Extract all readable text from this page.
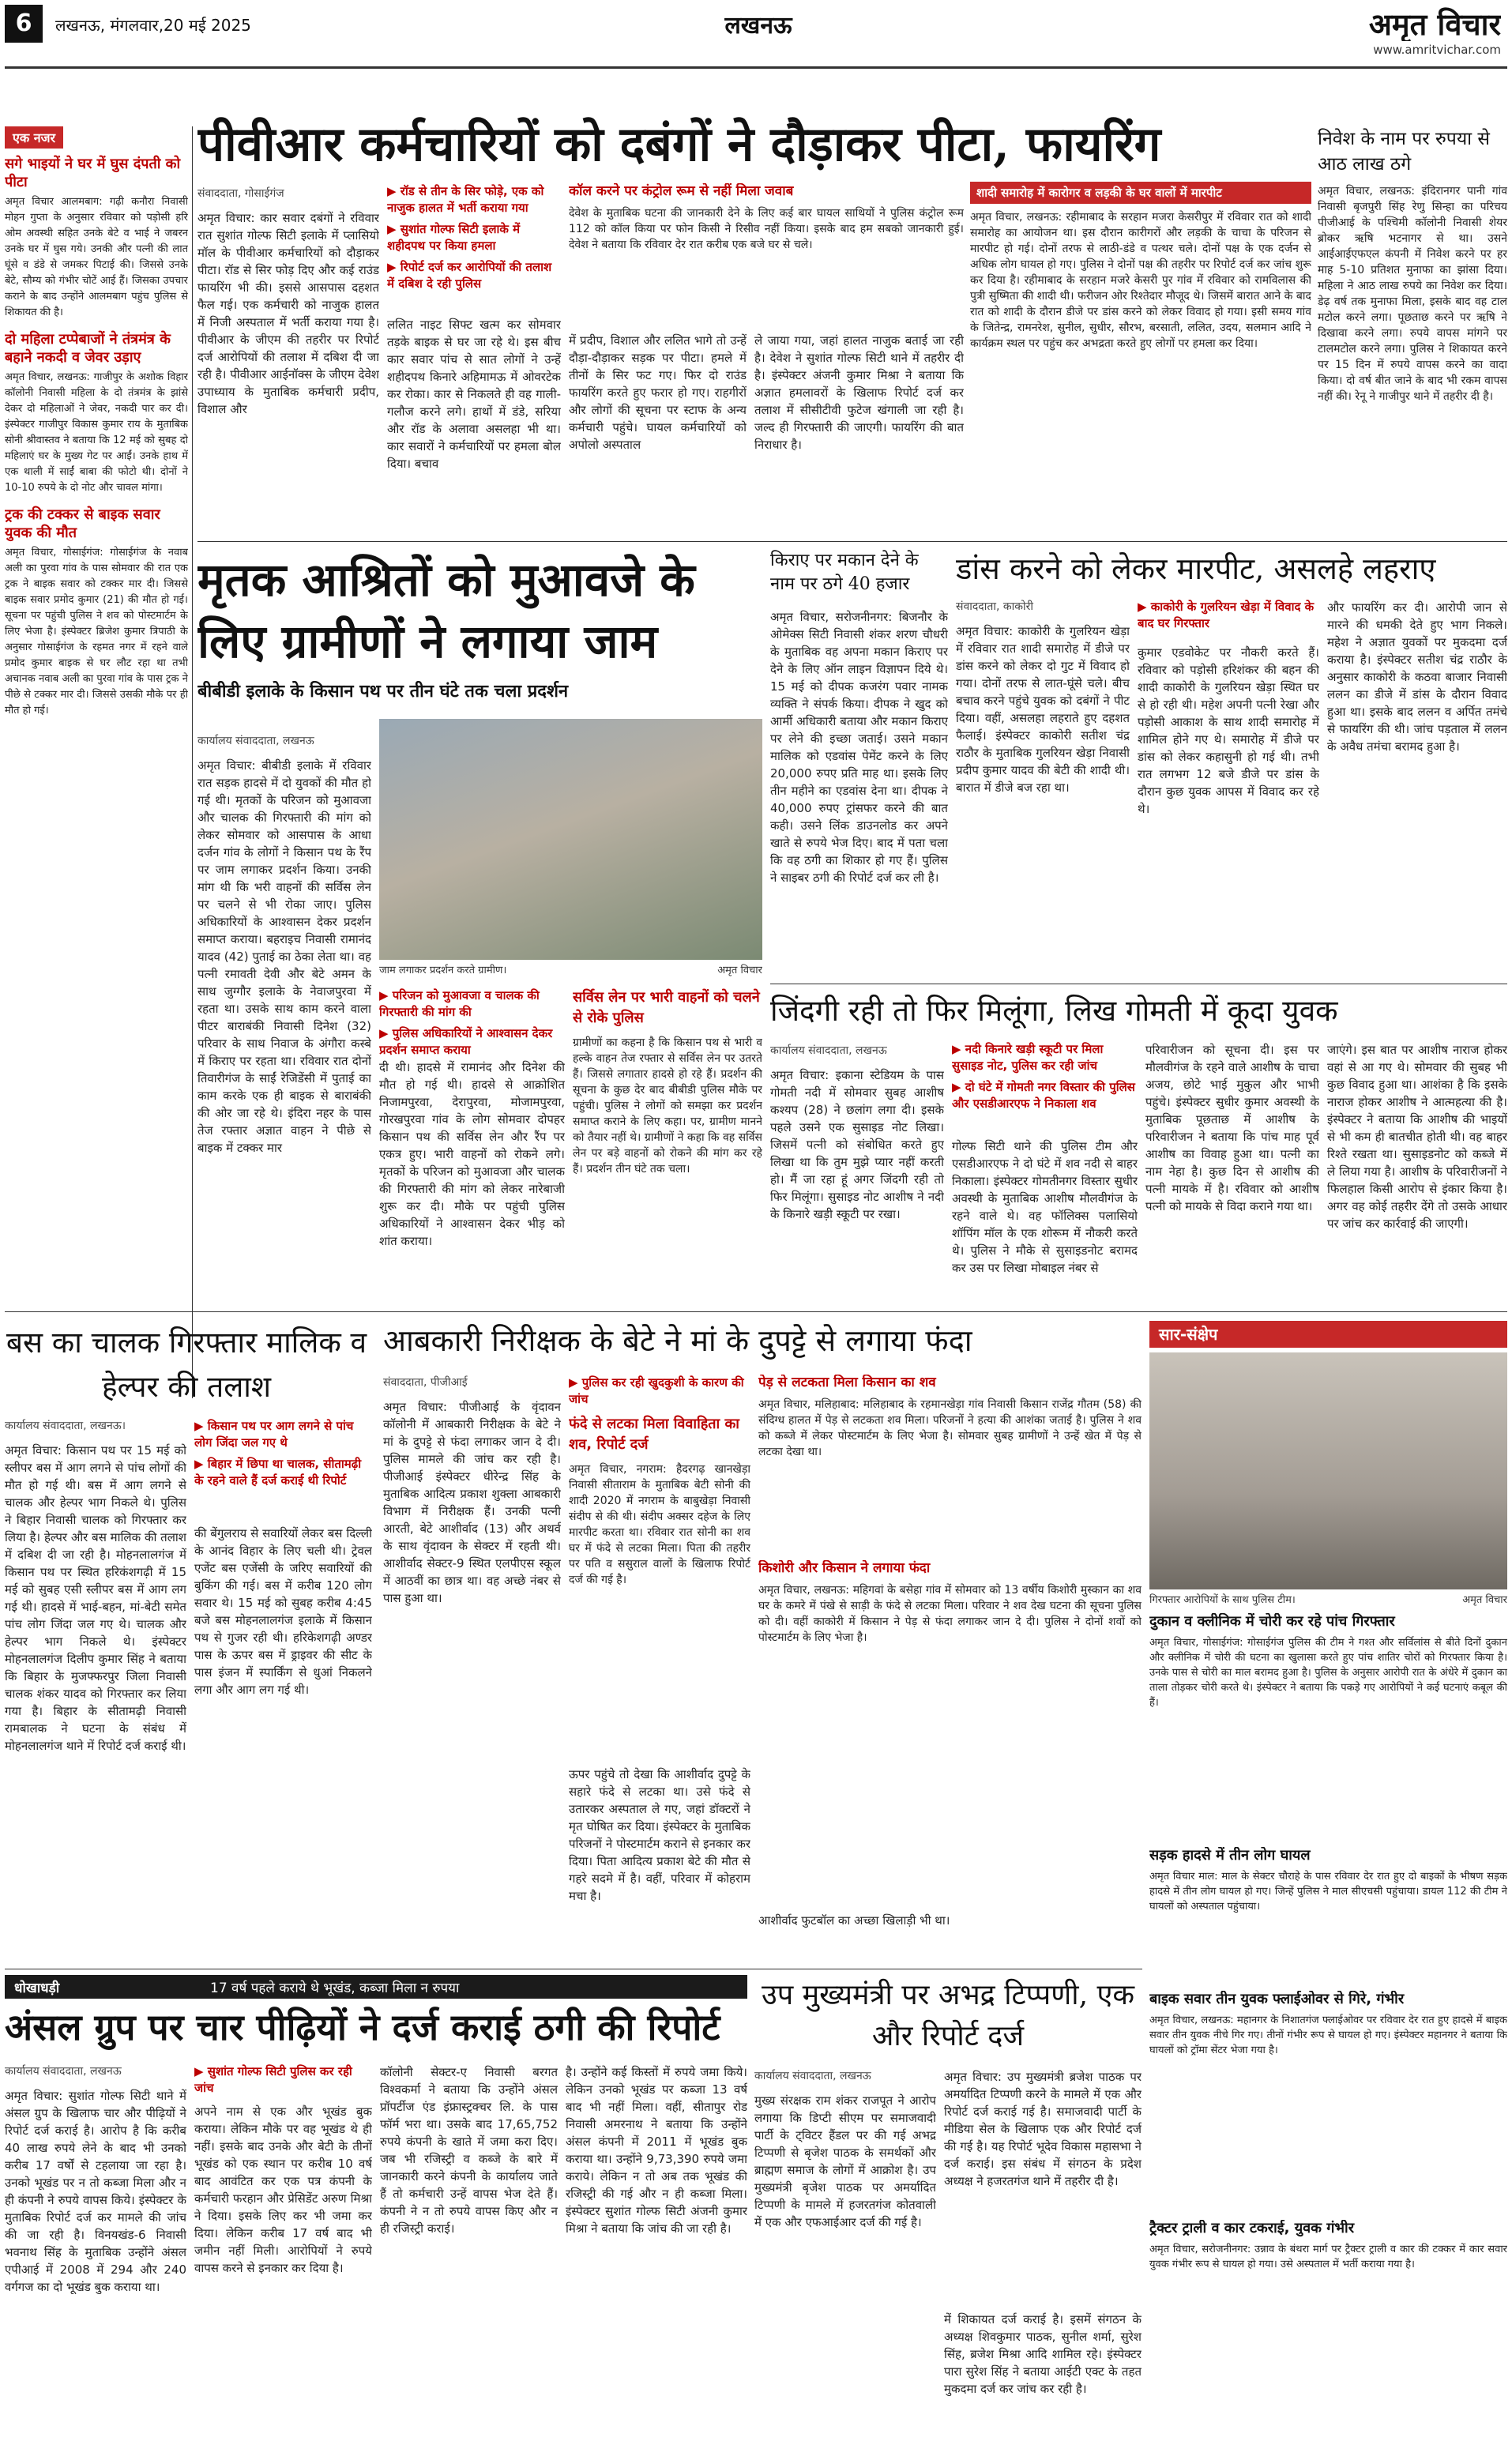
6	लखनऊ, मंगलवार,20 मई 2025	लखनऊ	अमृत विचार
www.amritvichar.com
एक नजर
सगे भाइयों ने घर में घुस दंपती को पीटा
अमृत विचार आलमबाग: गढ़ी कनौरा निवासी मोहन गुप्ता के अनुसार रविवार को पड़ोसी हरि ओम अवस्थी सहित उनके बेटे व भाई ने जबरन उनके घर में घुस गये। उनकी और पत्नी की लात घूंसे व डंडे से जमकर पिटाई की। जिससे उनके बेटे, सौम्य को गंभीर चोटें आई हैं। जिसका उपचार कराने के बाद उन्होंने आलमबाग पहुंच पुलिस से शिकायत की है।
दो महिला टप्पेबाजों ने तंत्रमंत्र के बहाने नकदी व जेवर उड़ाए
अमृत विचार, लखनऊ: गाजीपुर के अशोक विहार कॉलोनी निवासी महिला के दो तंत्रमंत्र के झांसे देकर दो महिलाओं ने जेवर, नकदी पार कर दी। इंस्पेक्टर गाजीपुर विकास कुमार राय के मुताबिक सोनी श्रीवास्तव ने बताया कि 12 मई को सुबह दो महिलाएं घर के मुख्य गेट पर आईं। उनके हाथ में एक थाली में साईं बाबा की फोटो थी। दोनों ने 10-10 रुपये के दो नोट और चावल मांगा।
ट्रक की टक्कर से बाइक सवार युवक की मौत
अमृत विचार, गोसाईगंज: गोसाईगंज के नवाब अली का पुरवा गांव के पास सोमवार की रात एक ट्रक ने बाइक सवार को टक्कर मार दी। जिससे बाइक सवार प्रमोद कुमार (21) की मौत हो गई। सूचना पर पहुंची पुलिस ने शव को पोस्टमार्टम के लिए भेजा है। इंस्पेक्टर ब्रिजेश कुमार त्रिपाठी के अनुसार गोसाईगंज के रहमत नगर में रहने वाले प्रमोद कुमार बाइक से घर लौट रहा था तभी अचानक नवाब अली का पुरवा गांव के पास ट्रक ने पीछे से टक्कर मार दी। जिससे उसकी मौके पर ही मौत हो गई।
पीवीआर कर्मचारियों को दबंगों ने दौड़ाकर पीटा, फायरिंग
संवाददाता, गोसाईगंज
अमृत विचार: कार सवार दबंगों ने रविवार रात सुशांत गोल्फ सिटी इलाके में प्लासियो मॉल के पीवीआर कर्मचारियों को दौड़ाकर पीटा। रॉड से सिर फोड़ दिए और कई राउंड फायरिंग भी की। इससे आसपास दहशत फैल गई। एक कर्मचारी को नाजुक हालत में निजी अस्पताल में भर्ती कराया गया है। पीवीआर के जीएम की तहरीर पर रिपोर्ट दर्ज आरोपियों की तलाश में दबिश दी जा रही है। पीवीआर आईनॉक्स के जीएम देवेश उपाध्याय के मुताबिक कर्मचारी प्रदीप, विशाल और
▶ रॉड से तीन के सिर फोड़े, एक को नाजुक हालत में भर्ती कराया गया
▶ सुशांत गोल्फ सिटी इलाके में शहीदपथ पर किया हमला
▶ रिपोर्ट दर्ज कर आरोपियों की तलाश में दबिश दे रही पुलिस
ललित नाइट सिफ्ट खत्म कर सोमवार तड़के बाइक से घर जा रहे थे। इस बीच कार सवार पांच से सात लोगों ने उन्हें शहीदपथ किनारे अहिमामऊ में ओवरटेक कर रोका। कार से निकलते ही वह गाली-गलौज करने लगे। हाथों में डंडे, सरिया और रॉड के अलावा असलहा भी था। कार सवारों ने कर्मचारियों पर हमला बोल दिया। बचाव
में प्रदीप, विशाल और ललित भागे तो उन्हें दौड़ा-दौड़ाकर सड़क पर पीटा। हमले में तीनों के सिर फट गए। फिर दो राउंड फायरिंग करते हुए फरार हो गए। राहगीरों और लोगों की सूचना पर स्टाफ के अन्य कर्मचारी पहुंचे। घायल कर्मचारियों को अपोलो अस्पताल
कॉल करने पर कंट्रोल रूम से नहीं मिला जवाब
देवेश के मुताबिक घटना की जानकारी देने के लिए कई बार घायल साथियों ने पुलिस कंट्रोल रूम 112 को कॉल किया पर फोन किसी ने रिसीव नहीं किया। इसके बाद हम सबको जानकारी हुई। देवेश ने बताया कि रविवार देर रात करीब एक बजे घर से चले।
ले जाया गया, जहां हालत नाजुक बताई जा रही है। देवेश ने सुशांत गोल्फ सिटी थाने में तहरीर दी है। इंस्पेक्टर अंजनी कुमार मिश्रा ने बताया कि अज्ञात हमलावरों के खिलाफ रिपोर्ट दर्ज कर तलाश में सीसीटीवी फुटेज खंगाली जा रही है। जल्द ही गिरफ्तारी की जाएगी। फायरिंग की बात निराधार है।
शादी समारोह में कारोगर व लड़की के घर वालों में मारपीट
अमृत विचार, लखनऊ: रहीमाबाद के सरहान मजरा केसरीपुर में रविवार रात को शादी समारोह का आयोजन था। इस दौरान कारीगरों और लड़की के चाचा के परिजन से मारपीट हो गई। दोनों तरफ से लाठी-डंडे व पत्थर चले। दोनों पक्ष के एक दर्जन से अधिक लोग घायल हो गए। पुलिस ने दोनों पक्ष की तहरीर पर रिपोर्ट दर्ज कर जांच शुरू कर दिया है। रहीमाबाद के सरहान मजरे केसरी पुर गांव में रविवार को रामविलास की पुत्री सुष्मिता की शादी थी। फरीजन ओर रिश्तेदार मौजूद थे। जिसमें बारात आने के बाद रात को शादी के दौरान डीजे पर डांस करने को लेकर विवाद हो गया। इसी समय गांव के जितेन्द्र, रामनरेश, सुनील, सुधीर, सौरभ, बरसाती, ललित, उदय, सलमान आदि ने कार्यक्रम स्थल पर पहुंच कर अभद्रता करते हुए लोगों पर हमला कर दिया।
निवेश के नाम पर रुपया से आठ लाख ठगे
अमृत विचार, लखनऊ: इंदिरानगर पानी गांव निवासी बृजपुरी सिंह रेणु सिन्हा का परिचय पीजीआई के पश्चिमी कॉलोनी निवासी शेयर ब्रोकर ऋषि भटनागर से था। उसने आईआईएफएल कंपनी में निवेश करने पर हर माह 5-10 प्रतिशत मुनाफा का झांसा दिया। महिला ने आठ लाख रुपये का निवेश कर दिया। डेढ़ वर्ष तक मुनाफा मिला, इसके बाद वह टाल मटोल करने लगा। पूछताछ करने पर ऋषि ने दिखावा करने लगा। रुपये वापस मांगने पर टालमटोल करने लगा। पुलिस ने शिकायत करने पर 15 दिन में रुपये वापस करने का वादा किया। दो वर्ष बीत जाने के बाद भी रकम वापस नहीं की। रेनू ने गाजीपुर थाने में तहरीर दी है।
मृतक आश्रितों को मुआवजे के लिए ग्रामीणों ने लगाया जाम
बीबीडी इलाके के किसान पथ पर तीन घंटे तक चला प्रदर्शन
कार्यालय संवाददाता, लखनऊ
अमृत विचार: बीबीडी इलाके में रविवार रात सड़क हादसे में दो युवकों की मौत हो गई थी। मृतकों के परिजन को मुआवजा और चालक की गिरफ्तारी की मांग को लेकर सोमवार को आसपास के आधा दर्जन गांव के लोगों ने किसान पथ के रैंप पर जाम लगाकर प्रदर्शन किया। उनकी मांग थी कि भरी वाहनों की सर्विस लेन पर चलने से भी रोका जाए। पुलिस अधिकारियों के आश्वासन देकर प्रदर्शन समाप्त कराया। बहराइच निवासी रामानंद यादव (42) पुताई का ठेका लेता था। वह पत्नी रमावती देवी और बेटे अमन के साथ जुग्गौर इलाके के नेवाजपुरवा में रहता था। उसके साथ काम करने वाला पीटर बाराबंकी निवासी दिनेश (32) परिवार के साथ निवाज के अंगौरा कस्बे में किराए पर रहता था। रविवार रात दोनों तिवारीगंज के साईं रेजिडेंसी में पुताई का काम करके एक ही बाइक से बाराबंकी की ओर जा रहे थे। इंदिरा नहर के पास तेज रफ्तार अज्ञात वाहन ने पीछे से बाइक में टक्कर मार
जाम लगाकर प्रदर्शन करते ग्रामीण।	अमृत विचार
▶ परिजन को मुआवजा व चालक की गिरफ्तारी की मांग की
▶ पुलिस अधिकारियों ने आश्वासन देकर प्रदर्शन समाप्त कराया
दी थी। हादसे में रामानंद और दिनेश की मौत हो गई थी। हादसे से आक्रोशित निजामपुरवा, देरापुरवा, मोजामपुरवा, गोरखपुरवा गांव के लोग सोमवार दोपहर किसान पथ की सर्विस लेन और रैंप पर एकत्र हुए। भारी वाहनों को रोकने लगे। मृतकों के परिजन को मुआवजा और चालक की गिरफ्तारी की मांग को लेकर नारेबाजी शुरू कर दी। मौके पर पहुंची पुलिस अधिकारियों ने आश्वासन देकर भीड़ को शांत कराया।
सर्विस लेन पर भारी वाहनों को चलने से रोके पुलिस
ग्रामीणों का कहना है कि किसान पथ से भारी व हल्के वाहन तेज रफ्तार से सर्विस लेन पर उतरते हैं। जिससे लगातार हादसे हो रहे हैं। प्रदर्शन की सूचना के कुछ देर बाद बीबीडी पुलिस मौके पर पहुंची। पुलिस ने लोगों को समझा कर प्रदर्शन समाप्त कराने के लिए कहा। पर, ग्रामीण मानने को तैयार नहीं थे। ग्रामीणों ने कहा कि वह सर्विस लेन पर बड़े वाहनों को रोकने की मांग कर रहे हैं। प्रदर्शन तीन घंटे तक चला।
किराए पर मकान देने के नाम पर ठगे 40 हजार
अमृत विचार, सरोजनीनगर: बिजनौर के ओमेक्स सिटी निवासी शंकर शरण चौधरी के मुताबिक वह अपना मकान किराए पर देने के लिए ऑन लाइन विज्ञापन दिये थे। 15 मई को दीपक कजरंग पवार नामक व्यक्ति ने संपर्क किया। दीपक ने खुद को आर्मी अधिकारी बताया और मकान किराए पर लेने की इच्छा जताई। उसने मकान मालिक को एडवांस पेमेंट करने के लिए 20,000 रुपए प्रति माह था। इसके लिए तीन महीने का एडवांस देना था। दीपक ने 40,000 रुपए ट्रांसफर करने की बात कही। उसने लिंक डाउनलोड कर अपने खाते से रुपये भेज दिए। बाद में पता चला कि वह ठगी का शिकार हो गए हैं। पुलिस ने साइबर ठगी की रिपोर्ट दर्ज कर ली है।
डांस करने को लेकर मारपीट, असलहे लहराए
संवाददाता, काकोरी
अमृत विचार: काकोरी के गुलरियन खेड़ा में रविवार रात शादी समारोह में डीजे पर डांस करने को लेकर दो गुट में विवाद हो गया। दोनों तरफ से लात-घूंसे चले। बीच बचाव करने पहुंचे युवक को दबंगों ने पीट दिया। वहीं, असलहा लहराते हुए दहशत फैलाई। इंस्पेक्टर काकोरी सतीश चंद्र राठौर के मुताबिक गुलरियन खेड़ा निवासी प्रदीप कुमार यादव की बेटी की शादी थी। बारात में डीजे बज रहा था।
▶ काकोरी के गुलरियन खेड़ा में विवाद के बाद घर गिरफ्तार
कुमार एडवोकेट पर नौकरी करते हैं। रविवार को पड़ोसी हरिशंकर की बहन की शादी काकोरी के गुलरियन खेड़ा स्थित घर से हो रही थी। महेश अपनी पत्नी रेखा और पड़ोसी आकाश के साथ शादी समारोह में शामिल होने गए थे। समारोह में डीजे पर डांस को लेकर कहासुनी हो गई थी। तभी रात लगभग 12 बजे डीजे पर डांस के दौरान कुछ युवक आपस में विवाद कर रहे थे।
और फायरिंग कर दी। आरोपी जान से मारने की धमकी देते हुए भाग निकले। महेश ने अज्ञात युवकों पर मुकदमा दर्ज कराया है। इंस्पेक्टर सतीश चंद्र राठौर के अनुसार काकोरी के कठवा बाजार निवासी ललन का डीजे में डांस के दौरान विवाद हुआ था। इसके बाद ललन व अर्पित तमंचे से फायरिंग की थी। जांच पड़ताल में ललन के अवैध तमंचा बरामद हुआ है।
जिंदगी रही तो फिर मिलूंगा, लिख गोमती में कूदा युवक
कार्यालय संवाददाता, लखनऊ
अमृत विचार: इकाना स्टेडियम के पास गोमती नदी में सोमवार सुबह आशीष कश्यप (28) ने छलांग लगा दी। इसके पहले उसने एक सुसाइड नोट लिखा। जिसमें पत्नी को संबोधित करते हुए लिखा था कि तुम मुझे प्यार नहीं करती हो। मैं जा रहा हूं अगर जिंदगी रही तो फिर मिलूंगा। सुसाइड नोट आशीष ने नदी के किनारे खड़ी स्कूटी पर रखा।
▶ नदी किनारे खड़ी स्कूटी पर मिला सुसाइड नोट, पुलिस कर रही जांच
▶ दो घंटे में गोमती नगर विस्तार की पुलिस और एसडीआरएफ ने निकाला शव
गोल्फ सिटी थाने की पुलिस टीम और एसडीआरएफ ने दो घंटे में शव नदी से बाहर निकाला। इंस्पेक्टर गोमतीनगर विस्तार सुधीर अवस्थी के मुताबिक आशीष मौलवीगंज के रहने वाले थे। वह फॉलिक्स पलासियो शॉपिंग मॉल के एक शोरूम में नौकरी करते थे। पुलिस ने मौके से सुसाइडनोट बरामद कर उस पर लिखा मोबाइल नंबर से
परिवारीजन को सूचना दी। इस पर मौलवीगंज के रहने वाले आशीष के चाचा अजय, छोटे भाई मुकुल और भाभी पहुंचे। इंस्पेक्टर सुधीर कुमार अवस्थी के मुताबिक पूछताछ में आशीष के परिवारीजन ने बताया कि पांच माह पूर्व आशीष का विवाह हुआ था। पत्नी का नाम नेहा है। कुछ दिन से आशीष की पत्नी मायके में है। रविवार को आशीष पत्नी को मायके से विदा कराने गया था।
जाएंगे। इस बात पर आशीष नाराज होकर वहां से आ गए थे। सोमवार की सुबह भी कुछ विवाद हुआ था। आशंका है कि इसके नाराज होकर आशीष ने आत्महत्या की है। इंस्पेक्टर ने बताया कि आशीष की भाइयों से भी कम ही बातचीत होती थी। वह बाहर रिश्ते रखता था। सुसाइडनोट को कब्जे में ले लिया गया है। आशीष के परिवारीजनों ने फिलहाल किसी आरोप से इंकार किया है। अगर वह कोई तहरीर देंगे तो उसके आधार पर जांच कर कार्रवाई की जाएगी।
बस का चालक गिरफ्तार मालिक व हेल्पर की तलाश
कार्यालय संवाददाता, लखनऊ।
अमृत विचार: किसान पथ पर 15 मई को स्लीपर बस में आग लगने से पांच लोगों की मौत हो गई थी। बस में आग लगने से चालक और हेल्पर भाग निकले थे। पुलिस ने बिहार निवासी चालक को गिरफ्तार कर लिया है। हेल्पर और बस मालिक की तलाश में दबिश दी जा रही है। मोहनलालगंज में किसान पथ पर स्थित हरिकंशगढ़ी में 15 मई को सुबह एसी स्लीपर बस में आग लग गई थी। हादसे में भाई-बहन, मां-बेटी समेत पांच लोग जिंदा जल गए थे। चालक और हेल्पर भाग निकले थे। इंस्पेक्टर मोहनलालगंज दिलीप कुमार सिंह ने बताया कि बिहार के मुजफ्फरपुर जिला निवासी चालक शंकर यादव को गिरफ्तार कर लिया गया है। बिहार के सीतामढ़ी निवासी रामबालक ने घटना के संबंध में मोहनलालगंज थाने में रिपोर्ट दर्ज कराई थी।
▶ किसान पथ पर आग लगने से पांच लोग जिंदा जल गए थे
▶ बिहार में छिपा था चालक, सीतामढ़ी के रहने वाले हैं दर्ज कराई थी रिपोर्ट
की बेंगुलराय से सवारियों लेकर बस दिल्ली के आनंद विहार के लिए चली थी। ट्रेवल एजेंट बस एजेंसी के जरिए सवारियों की बुकिंग की गई। बस में करीब 120 लोग सवार थे। 15 मई को सुबह करीब 4:45 बजे बस मोहनलालगंज इलाके में किसान पथ से गुजर रही थी। हरिकेशगढ़ी अण्डर पास के ऊपर बस में ड्राइवर की सीट के पास इंजन में स्पार्किंग से धुआं निकलने लगा और आग लग गई थी।
आबकारी निरीक्षक के बेटे ने मां के दुपट्टे से लगाया फंदा
संवाददाता, पीजीआई
अमृत विचार: पीजीआई के वृंदावन कॉलोनी में आबकारी निरीक्षक के बेटे ने मां के दुपट्टे से फंदा लगाकर जान दे दी। पुलिस मामले की जांच कर रही है। पीजीआई इंस्पेक्टर धीरेन्द्र सिंह के मुताबिक आदित्य प्रकाश शुक्ला आबकारी विभाग में निरीक्षक हैं। उनकी पत्नी आरती, बेटे आशीर्वाद (13) और अथर्व के साथ वृंदावन के सेक्टर में रहती थी। आशीर्वाद सेक्टर-9 स्थित एलपीएस स्कूल में आठवीं का छात्र था। वह अच्छे नंबर से पास हुआ था।
▶ पुलिस कर रही खुदकुशी के कारण की जांच
फंदे से लटका मिला विवाहिता का शव, रिपोर्ट दर्ज
अमृत विचार, नगराम: हैदरगढ़ खानखेड़ा निवासी सीताराम के मुताबिक बेटी सोनी की शादी 2020 में नगराम के बाबुखेड़ा निवासी संदीप से की थी। संदीप अक्सर दहेज के लिए मारपीट करता था। रविवार रात सोनी का शव घर में फंदे से लटका मिला। पिता की तहरीर पर पति व ससुराल वालों के खिलाफ रिपोर्ट दर्ज की गई है।
ऊपर पहुंचे तो देखा कि आशीर्वाद दुपट्टे के सहारे फंदे से लटका था। उसे फंदे से उतारकर अस्पताल ले गए, जहां डॉक्टरों ने मृत घोषित कर दिया। इंस्पेक्टर के मुताबिक परिजनों ने पोस्टमार्टम कराने से इनकार कर दिया। पिता आदित्य प्रकाश बेटे की मौत से गहरे सदमे में है। वहीं, परिवार में कोहराम मचा है।
पेड़ से लटकता मिला किसान का शव
अमृत विचार, मलिहाबाद: मलिहाबाद के रहमानखेड़ा गांव निवासी किसान राजेंद्र गौतम (58) की संदिग्ध हालत में पेड़ से लटकता शव मिला। परिजनों ने हत्या की आशंका जताई है। पुलिस ने शव को कब्जे में लेकर पोस्टमार्टम के लिए भेजा है। सोमवार सुबह ग्रामीणों ने उन्हें खेत में पेड़ से लटका देखा था।
किशोरी और किसान ने लगाया फंदा
अमृत विचार, लखनऊ: महिगवां के बसेहा गांव में सोमवार को 13 वर्षीय किशोरी मुस्कान का शव घर के कमरे में पंखे से साड़ी के फंदे से लटका मिला। परिवार ने शव देख घटना की सूचना पुलिस को दी। वहीं काकोरी में किसान ने पेड़ से फंदा लगाकर जान दे दी। पुलिस ने दोनों शवों को पोस्टमार्टम के लिए भेजा है।
आशीर्वाद फुटबॉल का अच्छा खिलाड़ी भी था।
सार-संक्षेप
गिरफ्तार आरोपियों के साथ पुलिस टीम।	अमृत विचार
दुकान व क्लीनिक में चोरी कर रहे पांच गिरफ्तार
अमृत विचार, गोसाईगंज: गोसाईगंज पुलिस की टीम ने गश्त और सर्विलांस से बीते दिनों दुकान और क्लीनिक में चोरी की घटना का खुलासा करते हुए पांच शातिर चोरों को गिरफ्तार किया है। उनके पास से चोरी का माल बरामद हुआ है। पुलिस के अनुसार आरोपी रात के अंधेरे में दुकान का ताला तोड़कर चोरी करते थे। इंस्पेक्टर ने बताया कि पकड़े गए आरोपियों ने कई घटनाएं कबूल की हैं।
सड़क हादसे में तीन लोग घायल
अमृत विचार माल: माल के सेक्टर चौराहे के पास रविवार देर रात हुए दो बाइकों के भीषण सड़क हादसे में तीन लोग घायल हो गए। जिन्हें पुलिस ने माल सीएचसी पहुंचाया। डायल 112 की टीम ने घायलों को अस्पताल पहुंचाया।
बाइक सवार तीन युवक फ्लाईओवर से गिरे, गंभीर
अमृत विचार, लखनऊ: महानगर के निशातगंज फ्लाईओवर पर रविवार देर रात हुए हादसे में बाइक सवार तीन युवक नीचे गिर गए। तीनों गंभीर रूप से घायल हो गए। इंस्पेक्टर महानगर ने बताया कि घायलों को ट्रॉमा सेंटर भेजा गया है।
ट्रैक्टर ट्राली व कार टकराई, युवक गंभीर
अमृत विचार, सरोजनीनगर: उन्नाव के बंथरा मार्ग पर ट्रैक्टर ट्राली व कार की टक्कर में कार सवार युवक गंभीर रूप से घायल हो गया। उसे अस्पताल में भर्ती कराया गया है।
धोखाधड़ी	17 वर्ष पहले कराये थे भूखंड, कब्जा मिला न रुपया
अंसल ग्रुप पर चार पीढ़ियों ने दर्ज कराई ठगी की रिपोर्ट
कार्यालय संवाददाता, लखनऊ
अमृत विचार: सुशांत गोल्फ सिटी थाने में अंसल ग्रुप के खिलाफ चार और पीढ़ियों ने रिपोर्ट दर्ज कराई है। आरोप है कि करीब 40 लाख रुपये लेने के बाद भी उनको करीब 17 वर्षों से टहलाया जा रहा है। उनको भूखंड पर न तो कब्जा मिला और न ही कंपनी ने रुपये वापस किये। इंस्पेक्टर के मुताबिक रिपोर्ट दर्ज कर मामले की जांच की जा रही है। विनयखंड-6 निवासी भवनाथ सिंह के मुताबिक उन्होंने अंसल एपीआई में 2008 में 294 और 240 वर्गगज का दो भूखंड बुक कराया था।
▶ सुशांत गोल्फ सिटी पुलिस कर रही जांच
अपने नाम से एक और भूखंड बुक कराया। लेकिन मौके पर वह भूखंड थे ही नहीं। इसके बाद उनके और बेटी के तीनों भूखंड को एक स्थान पर करीब 10 वर्ष बाद आवंटित कर एक पत्र कंपनी के कर्मचारी फरहान और प्रेसिडेंट अरुण मिश्रा ने दिया। इसके लिए कर भी जमा कर दिया। लेकिन करीब 17 वर्ष बाद भी जमीन नहीं मिली। आरोपियों ने रुपये वापस करने से इनकार कर दिया है।
कॉलोनी सेक्टर-ए निवासी बरगत विश्वकर्मा ने बताया कि उन्होंने अंसल प्रॉपर्टीज एंड इंफ्रास्ट्रक्चर लि. के पास फॉर्म भरा था। उसके बाद 17,65,752 रुपये कंपनी के खाते में जमा करा दिए। जब भी रजिस्ट्री व कब्जे के बारे में जानकारी करने कंपनी के कार्यालय जाते हैं तो कर्मचारी उन्हें वापस भेज देते हैं। कंपनी ने न तो रुपये वापस किए और न ही रजिस्ट्री कराई।
है। उन्होंने कई किस्तों में रुपये जमा किये। लेकिन उनको भूखंड पर कब्जा 13 वर्ष बाद भी नहीं मिला। वहीं, सीतापुर रोड निवासी अमरनाथ ने बताया कि उन्होंने अंसल कंपनी में 2011 में भूखंड बुक कराया था। उन्होंने 9,73,390 रुपये जमा कराये। लेकिन न तो अब तक भूखंड की रजिस्ट्री की गई और न ही कब्जा मिला। इंस्पेक्टर सुशांत गोल्फ सिटी अंजनी कुमार मिश्रा ने बताया कि जांच की जा रही है।
उप मुख्यमंत्री पर अभद्र टिप्पणी, एक और रिपोर्ट दर्ज
कार्यालय संवाददाता, लखनऊ
मुख्य संरक्षक राम शंकर राजपूत ने आरोप लगाया कि डिप्टी सीएम पर समाजवादी पार्टी के ट्विटर हैंडल पर की गई अभद्र टिप्पणी से बृजेश पाठक के समर्थकों और ब्राह्मण समाज के लोगों में आक्रोश है। उप मुख्यमंत्री बृजेश पाठक पर अमर्यादित टिप्पणी के मामले में हजरतगंज कोतवाली में एक और एफआईआर दर्ज की गई है।
अमृत विचार: उप मुख्यमंत्री ब्रजेश पाठक पर अमर्यादित टिप्पणी करने के मामले में एक और रिपोर्ट दर्ज कराई गई है। समाजवादी पार्टी के मीडिया सेल के खिलाफ एक और रिपोर्ट दर्ज की गई है। यह रिपोर्ट भूदेव विकास महासभा ने दर्ज कराई। इस संबंध में संगठन के प्रदेश अध्यक्ष ने हजरतगंज थाने में तहरीर दी है।
में शिकायत दर्ज कराई है। इसमें संगठन के अध्यक्ष शिवकुमार पाठक, सुनील शर्मा, सुरेश सिंह, ब्रजेश मिश्रा आदि शामिल रहे। इंस्पेक्टर पारा सुरेश सिंह ने बताया आईटी एक्ट के तहत मुकदमा दर्ज कर जांच कर रही है।
